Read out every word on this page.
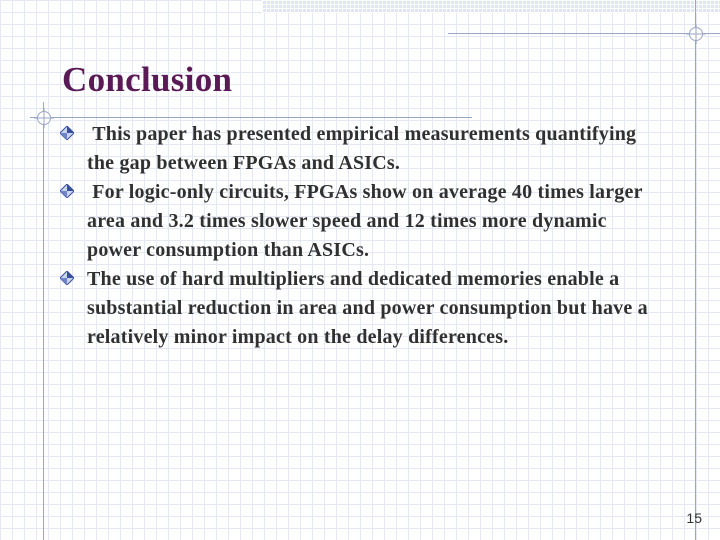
Conclusion
This paper has presented empirical measurements quantifying the gap between FPGAs and ASICs.
For logic-only circuits, FPGAs show on average 40 times larger area and 3.2 times slower speed and 12 times more dynamic power consumption than ASICs.
The use of hard multipliers and dedicated memories enable a substantial reduction in area and power consumption but have a relatively minor impact on the delay differences.
15
